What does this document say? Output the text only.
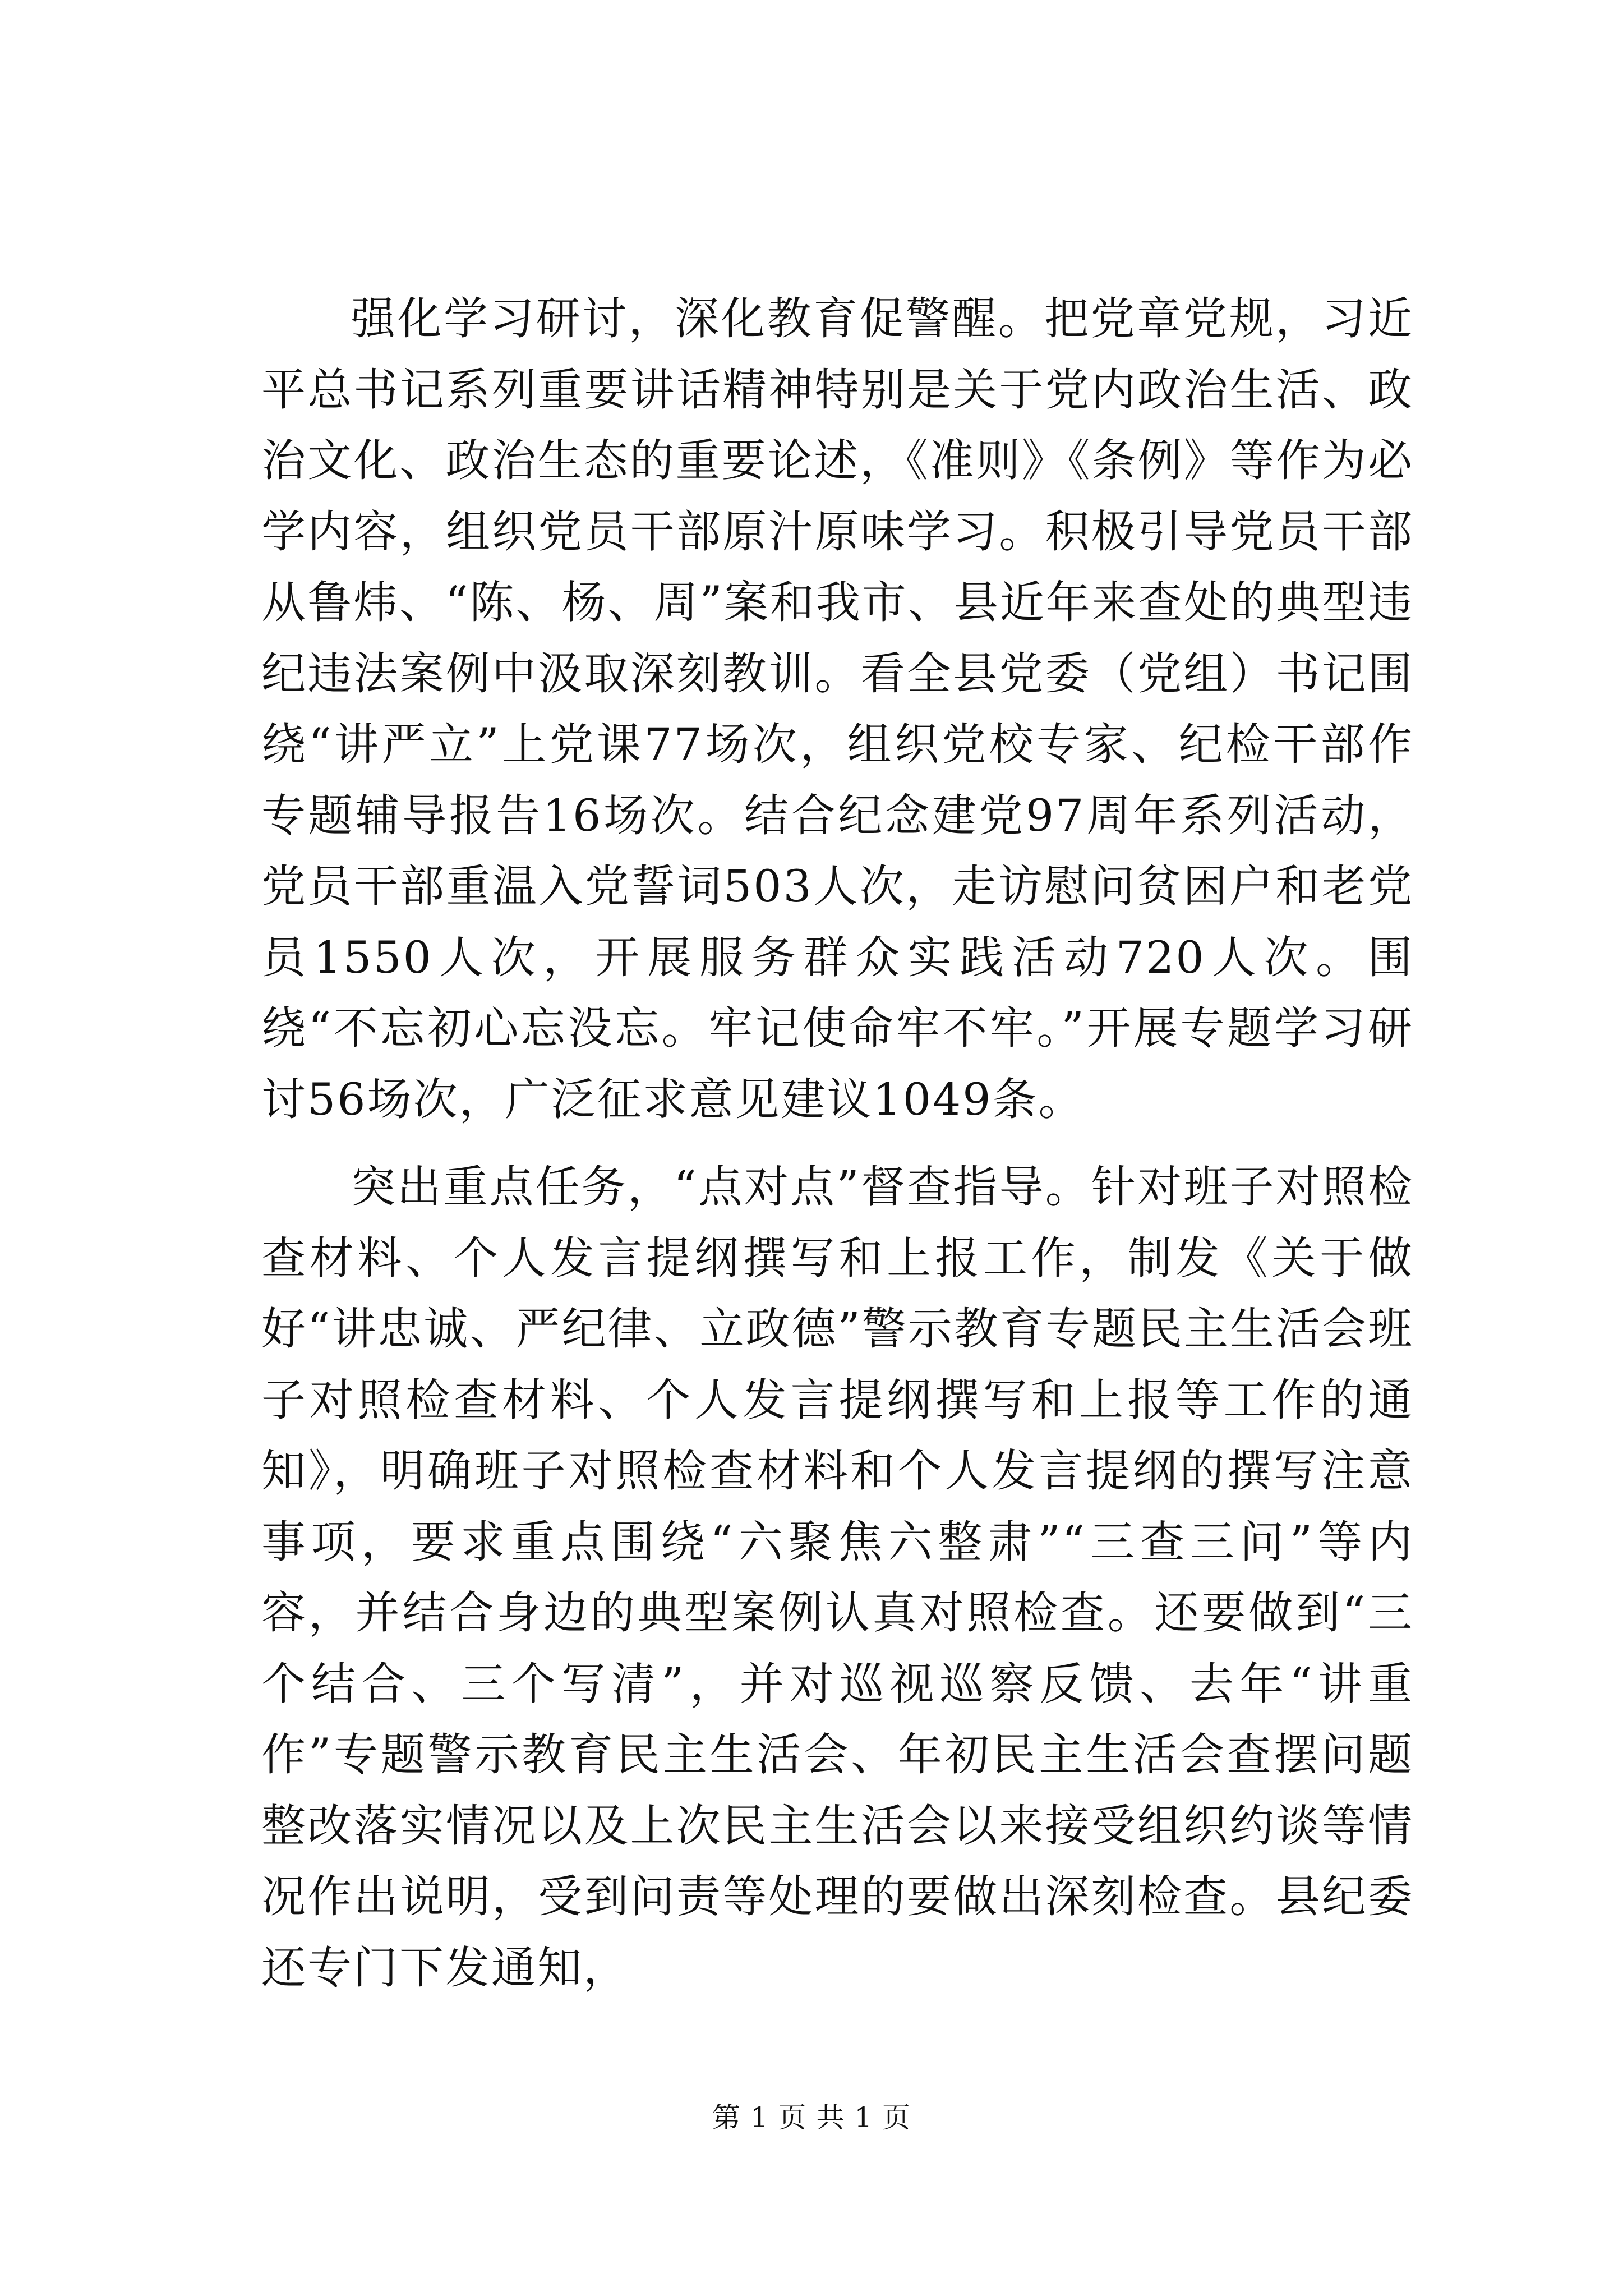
强化学习研讨，深化教育促警醒。把党章党规，习近平总书记系列重要讲话精神特别是关于党内政治生活、政治文化、政治生态的重要论述，《准则》《条例》等作为必学内容，组织党员干部原汁原味学习。积极引导党员干部从鲁炜、“陈、杨、周”案和我市、县近年来查处的典型违纪违法案例中汲取深刻教训。看全县党委（党组）书记围绕“讲严立”上党课77场次，组织党校专家、纪检干部作专题辅导报告16场次。结合纪念建党97周年系列活动，党员干部重温入党誓词503人次，走访慰问贫困户和老党员1550人次，开展服务群众实践活动720人次。围绕“不忘初心忘没忘。牢记使命牢不牢。”开展专题学习研讨56场次，广泛征求意见建议1049条。

突出重点任务，“点对点”督查指导。针对班子对照检查材料、个人发言提纲撰写和上报工作，制发《关于做好“讲忠诚、严纪律、立政德”警示教育专题民主生活会班子对照检查材料、个人发言提纲撰写和上报等工作的通知》，明确班子对照检查材料和个人发言提纲的撰写注意事项，要求重点围绕“六聚焦六整肃”“三查三问”等内容，并结合身边的典型案例认真对照检查。还要做到“三个结合、三个写清”，并对巡视巡察反馈、去年“讲重作”专题警示教育民主生活会、年初民主生活会查摆问题整改落实情况以及上次民主生活会以来接受组织约谈等情况作出说明，受到问责等处理的要做出深刻检查。县纪委还专门下发通知，

第 1 页 共 1 页
